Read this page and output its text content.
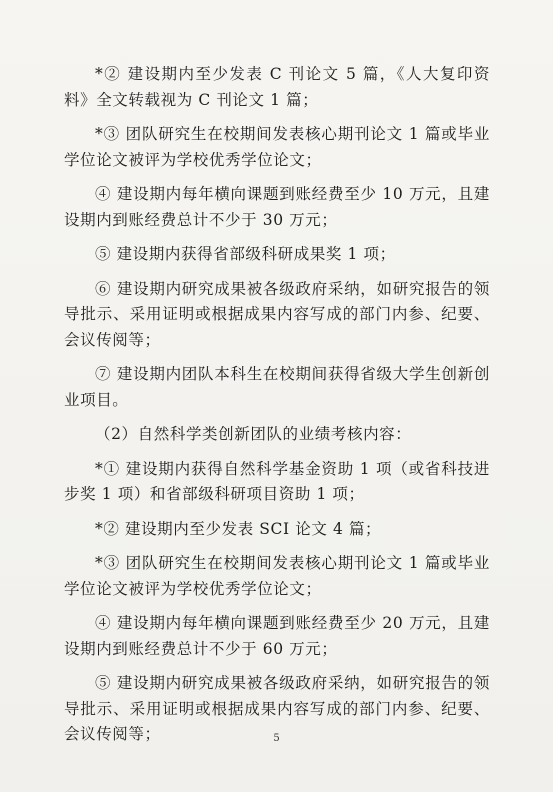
*② 建设期内至少发表 C 刊论文 5 篇，《人大复印资料》全文转载视为 C 刊论文 1 篇；

*③ 团队研究生在校期间发表核心期刊论文 1 篇或毕业学位论文被评为学校优秀学位论文；

④ 建设期内每年横向课题到账经费至少 10 万元，且建设期内到账经费总计不少于 30 万元；

⑤ 建设期内获得省部级科研成果奖 1 项；

⑥ 建设期内研究成果被各级政府采纳，如研究报告的领导批示、采用证明或根据成果内容写成的部门内参、纪要、会议传阅等；

⑦ 建设期内团队本科生在校期间获得省级大学生创新创业项目。

（2）自然科学类创新团队的业绩考核内容：

*① 建设期内获得自然科学基金资助 1 项（或省科技进步奖 1 项）和省部级科研项目资助 1 项；

*② 建设期内至少发表 SCI 论文 4 篇；

*③ 团队研究生在校期间发表核心期刊论文 1 篇或毕业学位论文被评为学校优秀学位论文；

④ 建设期内每年横向课题到账经费至少 20 万元，且建设期内到账经费总计不少于 60 万元；

⑤ 建设期内研究成果被各级政府采纳，如研究报告的领导批示、采用证明或根据成果内容写成的部门内参、纪要、会议传阅等；	5
